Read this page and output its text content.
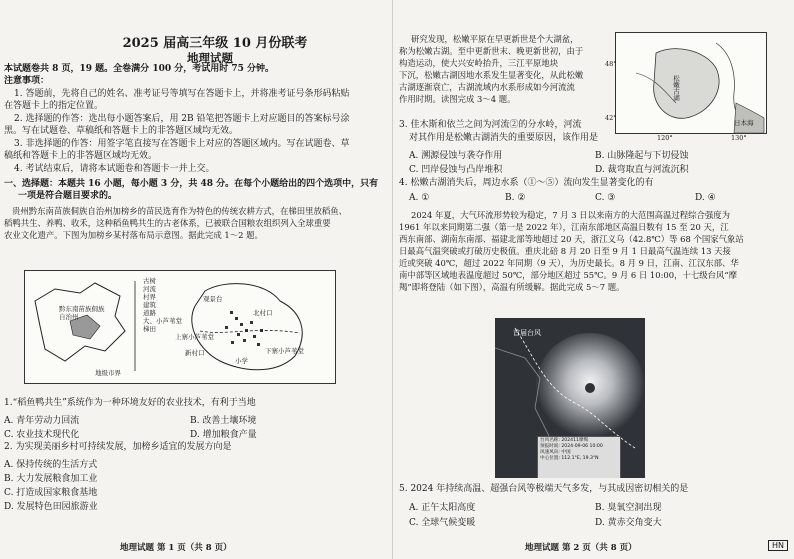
2025 届高三年级 10 月份联考
地理试题
本试题卷共 8 页，19 题。全卷满分 100 分，考试用时 75 分钟。
注意事项：
1. 答题前，先将自己的姓名、准考证号等填写在答题卡上，并将准考证号条形码粘贴
在答题卡上的指定位置。
2. 选择题的作答：选出每小题答案后，用 2B 铅笔把答题卡上对应题目的答案标号涂
黑。写在试题卷、草稿纸和答题卡上的非答题区域均无效。
3. 非选择题的作答：用签字笔直接写在答题卡上对应的答题区域内。写在试题卷、草
稿纸和答题卡上的非答题区域均无效。
4. 考试结束后，请将本试题卷和答题卡一并上交。
一、选择题：本题共 16 小题，每小题 3 分，共 48 分。在每个小题给出的四个选项中，只有
一项是符合题目要求的。
贵州黔东南苗族侗族自治州加榜乡的苗民选育作为特色的传统农耕方式，在梯田里放稻鱼、
稻鸭共生、养鸭、收禾，这种稻鱼鸭共生的古老体系，已被联合国粮农组织列入全球重要
农业文化遗产。下图为加榜乡某村落布局示意图。据此完成 1～2 题。
古树
河流
村界
建筑
道路
大、小芦苇堂
梯田
观景台
北村口
上寨小芦苇堂
新村口
小学
下寨小芦苇堂
黔东南苗族侗族自治州
地级市界
1.“稻鱼鸭共生”系统作为一种环境友好的农业技术，有利于当地
A. 青年劳动力回流	B. 改善土壤环境
C. 农业技术现代化	D. 增加粮食产量
2. 为实现美丽乡村可持续发展，加榜乡适宜的发展方向是
A. 保持传统的生活方式
B. 大力发展粮食加工业
C. 打造成国家粮食基地
D. 发展特色田园旅游业
地理试题 第 1 页（共 8 页）
研究发现，松嫩平原在早更新世是个大湖盆，
称为松嫩古湖。至中更新世末、晚更新世初，由于
构造运动，使大兴安岭抬升，三江平原地块
下沉，松嫩古湖因地水系发生显著变化，从此松嫩
古湖逐渐衰亡，古湖流域内水系形成如今河流流
作用时期。读图完成 3～4 题。	松嫩古湖
日本海
48°
42°
120°	130°
3. 佳木斯和依兰之间为河流②的分水岭，河流
对其作用是松嫩古湖消失的重要原因，该作用是
A. 溯源侵蚀与袭夺作用	B. 山脉隆起与下切侵蚀
C. 凹岸侵蚀与凸岸堆积	D. 裁弯取直与河流沉积
4. 松嫩古湖消失后，周边水系（①～⑤）流向发生显著变化的有
A. ①	B. ②	C. ③	D. ④
2024 年夏，大气环流形势较为稳定，7 月 3 日以来南方的大范围高温过程综合强度为
1961 年以来同期第二强（第一是 2022 年），江南东部地区高温日数有 15 至 20 天，江
西东南部、湖南东南部、福建北部等地超过 20 天，浙江义乌（42.8℃）等 68 个国家气象站
日最高气温突破或打破历史极值。重庆北碚 8 月 20 日至 9 月 1 日最高气温连续 13 天接
近或突破 40℃，超过 2022 年同期（9 天），为历史最长。8 月 9 日，江南、江汉东部、华
南中部等区域地表温度超过 50℃，部分地区超过 55℃。9 月 6 日 10:00，十七级台风“摩
羯”即将登陆（如下图），高温有所缓解。据此完成 5～7 题。
首届台风
台风名称: 202411摩羯
预报时间: 2024-09-06 10:00
风速风向: 中国
中心位置: 112.1°E, 19.3°N
5. 2024 年持续高温、超强台风等极端天气多发，与其成因密切相关的是
A. 正午太阳高度	B. 臭氧空洞出现
C. 全球气候变暖	D. 黄赤交角变大
地理试题 第 2 页（共 8 页）	HN
